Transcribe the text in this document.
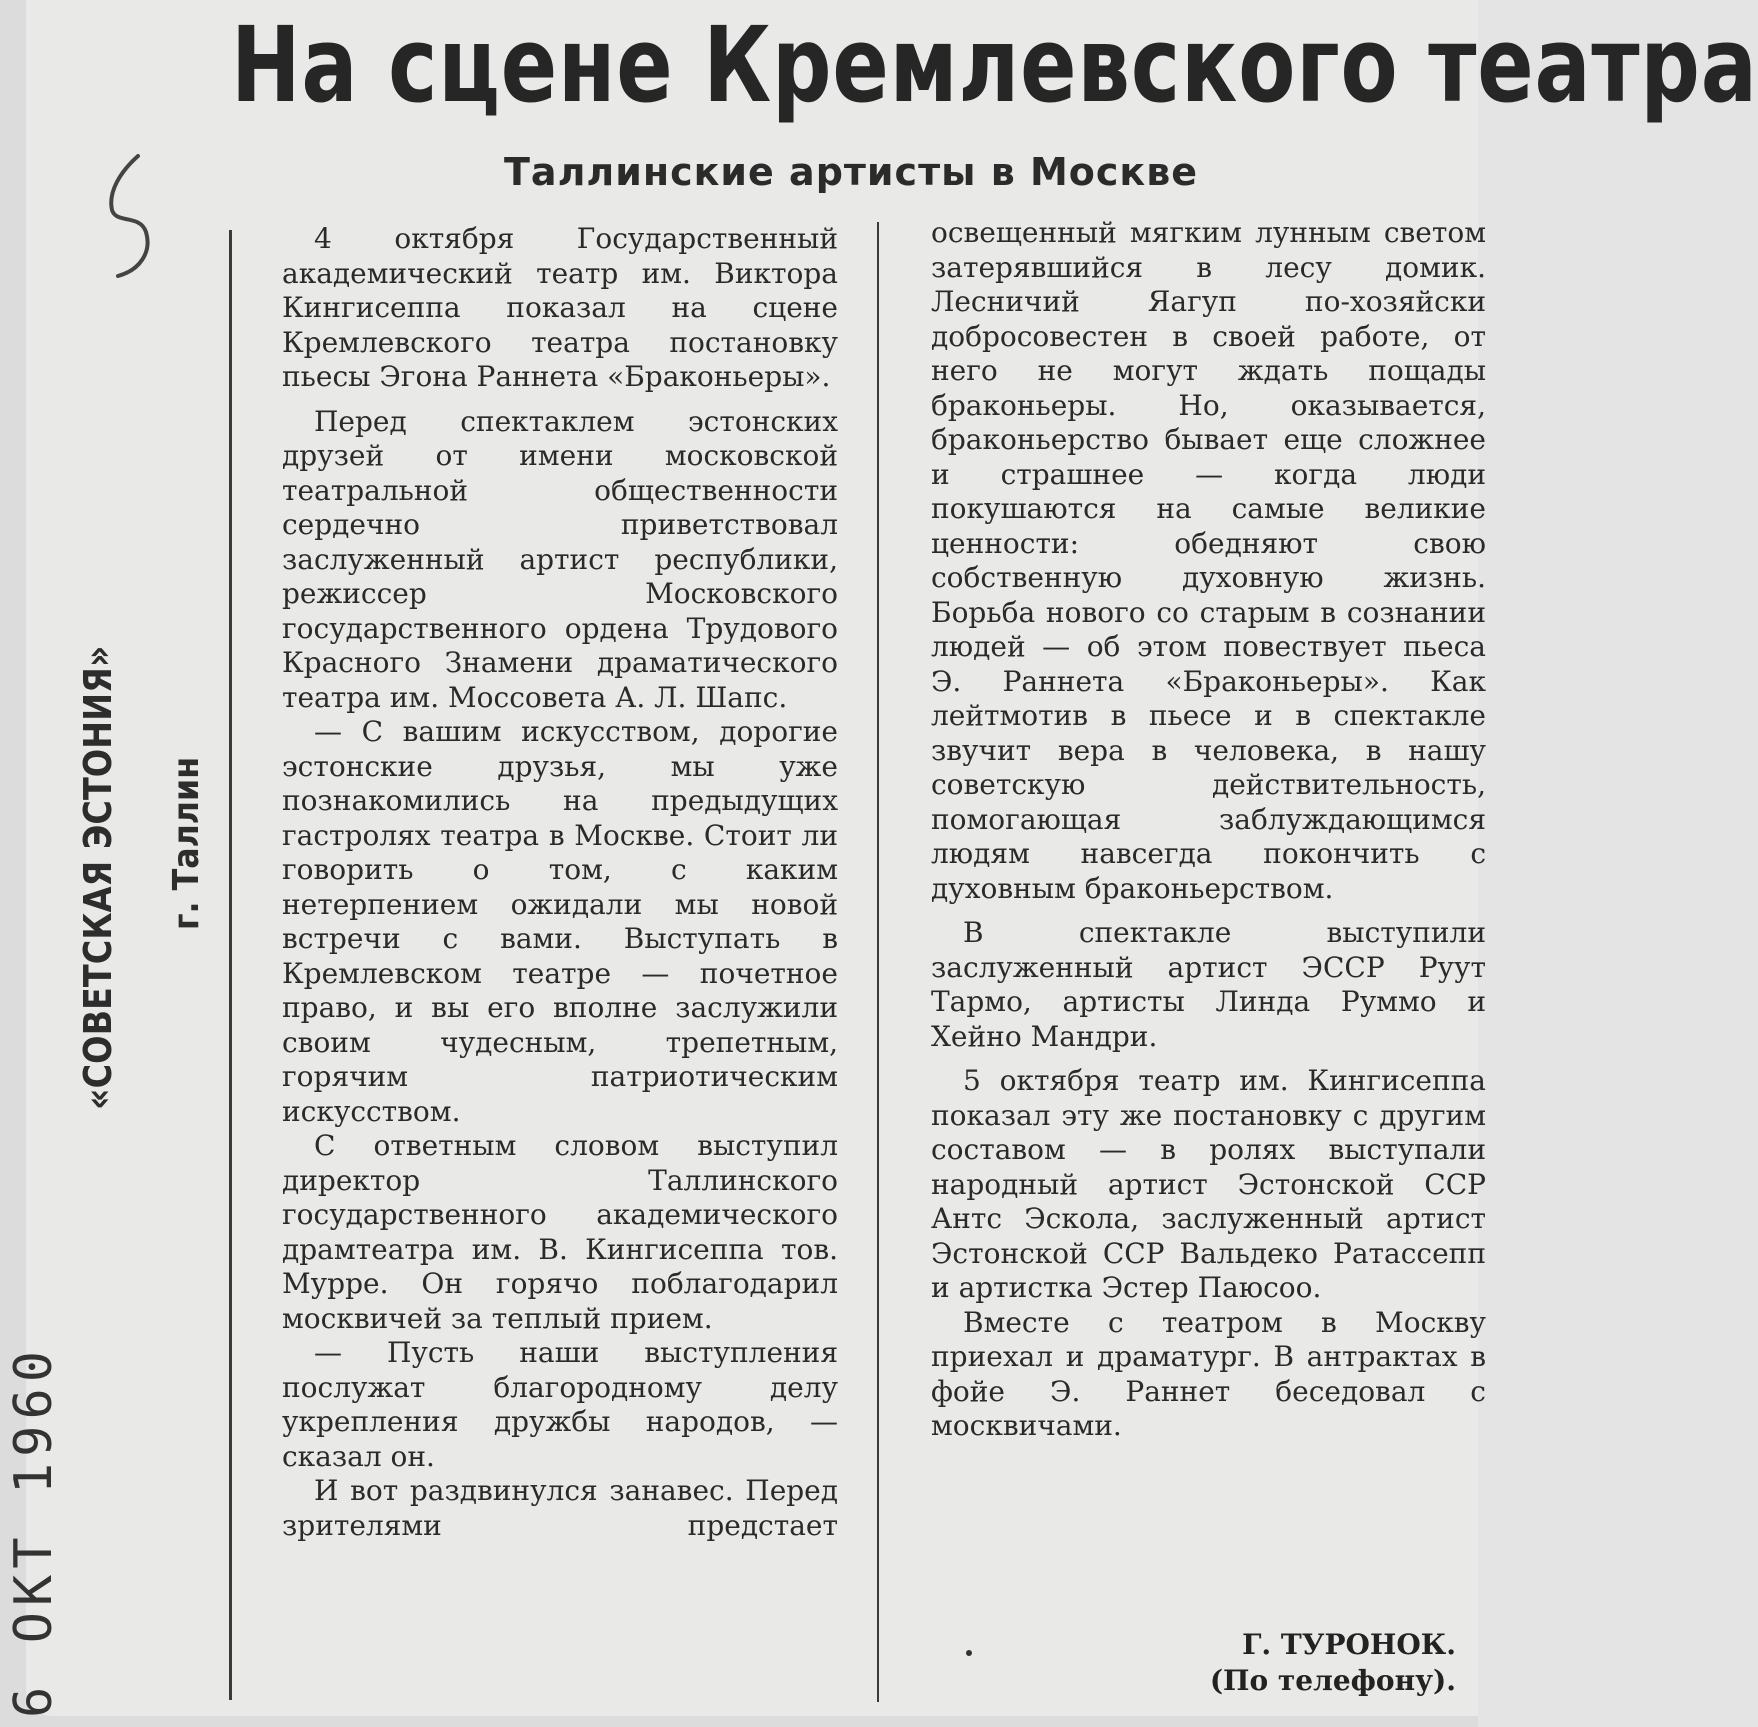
На сцене Кремлевского театра
Таллинские артисты в Москве

4 октября Государственный академический театр им. Виктора Кингисеппа показал на сцене Кремлевского театра постановку пьесы Эгона Раннета «Браконьеры».

Перед спектаклем эстонских друзей от имени московской театральной общественности сердечно приветствовал заслуженный артист республики, режиссер Московского государственного ордена Трудового Красного Знамени драматического театра им. Моссовета А. Л. Шапс.

— С вашим искусством, дорогие эстонские друзья, мы уже познакомились на предыдущих гастролях театра в Москве. Стоит ли говорить о том, с каким нетерпением ожидали мы новой встречи с вами. Выступать в Кремлевском театре — почетное право, и вы его вполне заслужили своим чудесным, трепетным, горячим патриотическим искусством.

С ответным словом выступил директор Таллинского государственного академического драмтеатра им. В. Кингисеппа тов. Мурре. Он горячо поблагодарил москвичей за теплый прием.

— Пусть наши выступления послужат благородному делу укрепления дружбы народов, — сказал он.

И вот раздвинулся занавес. Перед зрителями предстает

освещенный мягким лунным светом затерявшийся в лесу домик. Лесничий Яагуп по-хозяйски добросовестен в своей работе, от него не могут ждать пощады браконьеры. Но, оказывается, браконьерство бывает еще сложнее и страшнее — когда люди покушаются на самые великие ценности: обедняют свою собственную духовную жизнь. Борьба нового со старым в сознании людей — об этом повествует пьеса Э. Раннета «Браконьеры». Как лейтмотив в пьесе и в спектакле звучит вера в человека, в нашу советскую действительность, помогающая заблуждающимся людям навсегда покончить с духовным браконьерством.

В спектакле выступили заслуженный артист ЭССР Руут Тармо, артисты Линда Руммо и Хейно Мандри.

5 октября театр им. Кингисеппа показал эту же постановку с другим составом — в ролях выступали народный артист Эстонской ССР Антс Эскола, заслуженный артист Эстонской ССР Вальдеко Ратассепп и артистка Эстер Паюсоо.

Вместе с театром в Москву приехал и драматург. В антрактах в фойе Э. Раннет беседовал с москвичами.

Г. ТУРОНОК.
(По телефону).
«СОВЕТСКАЯ ЭСТОНИЯ» г. Таллин
6 ОКТ 1960
